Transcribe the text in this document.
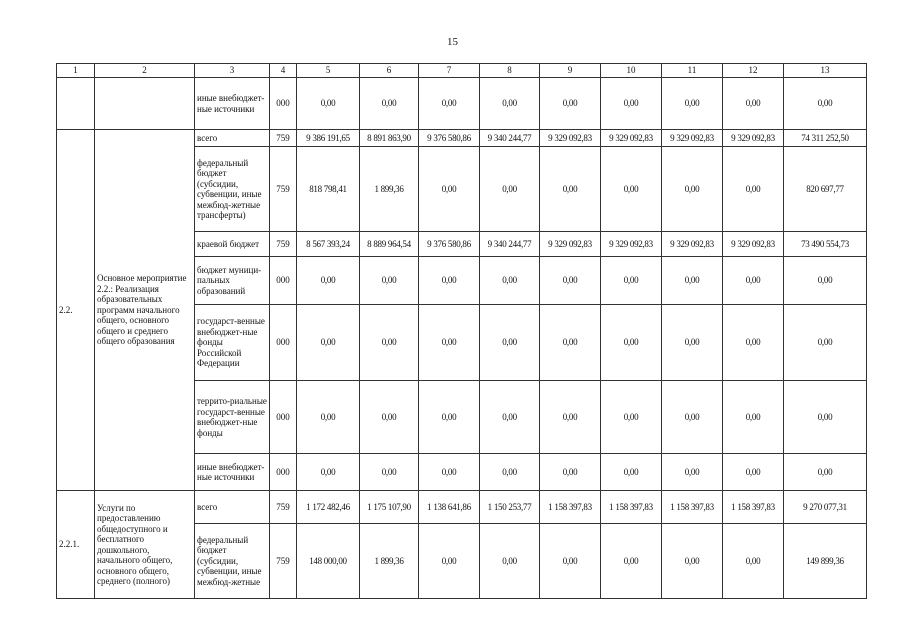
15
1	2	3	4	5	6	7	8	9	10	11	12	13
		иные внебюджет-ные источники	000	0,00	0,00	0,00	0,00	0,00	0,00	0,00	0,00	0,00
2.2.	Основное мероприятие 2.2.: Реализация образовательных программ начального общего, основного общего и среднего общего образования	всего	759	9 386 191,65	8 891 863,90	9 376 580,86	9 340 244,77	9 329 092,83	9 329 092,83	9 329 092,83	9 329 092,83	74 311 252,50
		федеральный бюджет (субсидии, субвенции, иные межбюд-жетные трансферты)	759	818 798,41	1 899,36	0,00	0,00	0,00	0,00	0,00	0,00	820 697,77
		краевой бюджет	759	8 567 393,24	8 889 964,54	9 376 580,86	9 340 244,77	9 329 092,83	9 329 092,83	9 329 092,83	9 329 092,83	73 490 554,73
		бюджет муници-пальных образований	000	0,00	0,00	0,00	0,00	0,00	0,00	0,00	0,00	0,00
		государст-венные внебюджет-ные фонды Российской Федерации	000	0,00	0,00	0,00	0,00	0,00	0,00	0,00	0,00	0,00
		террито-риальные государст-венные внебюджет-ные фонды	000	0,00	0,00	0,00	0,00	0,00	0,00	0,00	0,00	0,00
		иные внебюджет-ные источники	000	0,00	0,00	0,00	0,00	0,00	0,00	0,00	0,00	0,00
2.2.1.	Услуги по предоставлению общедоступного и бесплатного дошкольного, начального общего, основного общего, среднего (полного)	всего	759	1 172 482,46	1 175 107,90	1 138 641,86	1 150 253,77	1 158 397,83	1 158 397,83	1 158 397,83	1 158 397,83	9 270 077,31
		федеральный бюджет (субсидии, субвенции, иные межбюд-жетные	759	148 000,00	1 899,36	0,00	0,00	0,00	0,00	0,00	0,00	149 899,36
